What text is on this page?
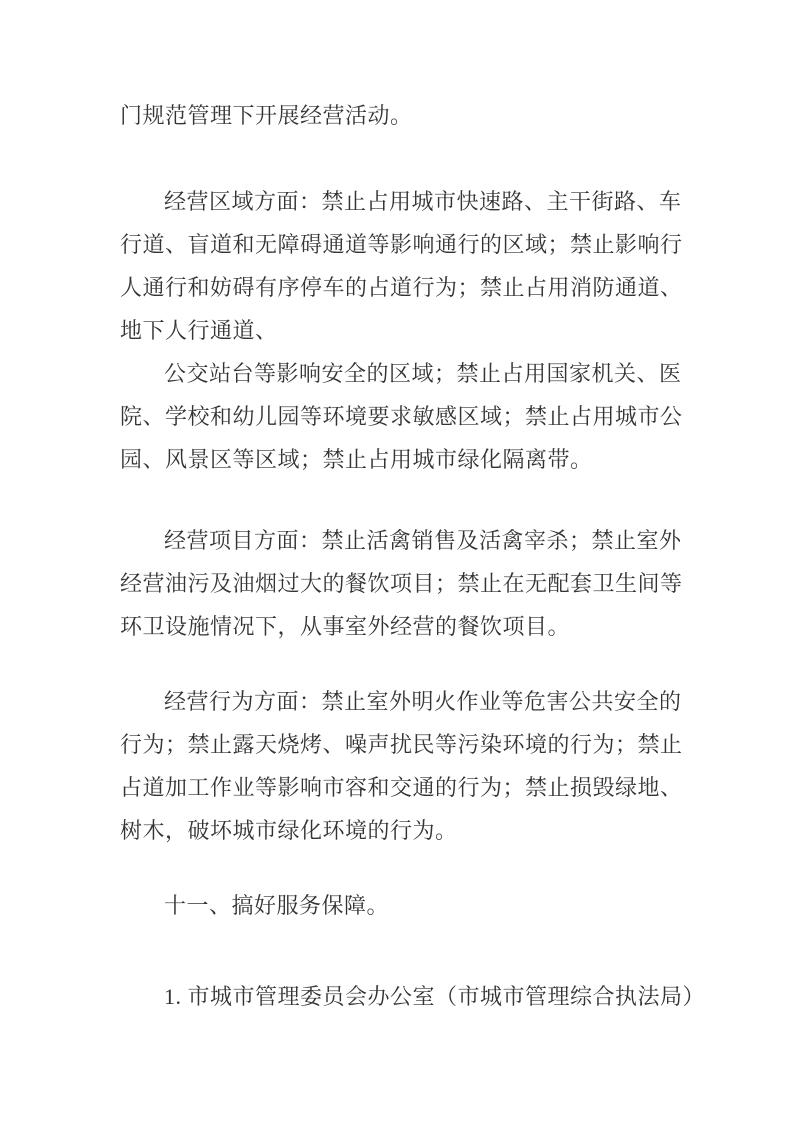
门规范管理下开展经营活动。
经营区域方面：禁止占用城市快速路、主干街路、车
行道、盲道和无障碍通道等影响通行的区域；禁止影响行
人通行和妨碍有序停车的占道行为；禁止占用消防通道、
地下人行通道、
公交站台等影响安全的区域；禁止占用国家机关、医
院、学校和幼儿园等环境要求敏感区域；禁止占用城市公
园、风景区等区域；禁止占用城市绿化隔离带。
经营项目方面：禁止活禽销售及活禽宰杀；禁止室外
经营油污及油烟过大的餐饮项目；禁止在无配套卫生间等
环卫设施情况下，从事室外经营的餐饮项目。
经营行为方面：禁止室外明火作业等危害公共安全的
行为；禁止露天烧烤、噪声扰民等污染环境的行为；禁止
占道加工作业等影响市容和交通的行为；禁止损毁绿地、
树木，破坏城市绿化环境的行为。
十一、搞好服务保障。
1. 市城市管理委员会办公室（市城市管理综合执法局）
